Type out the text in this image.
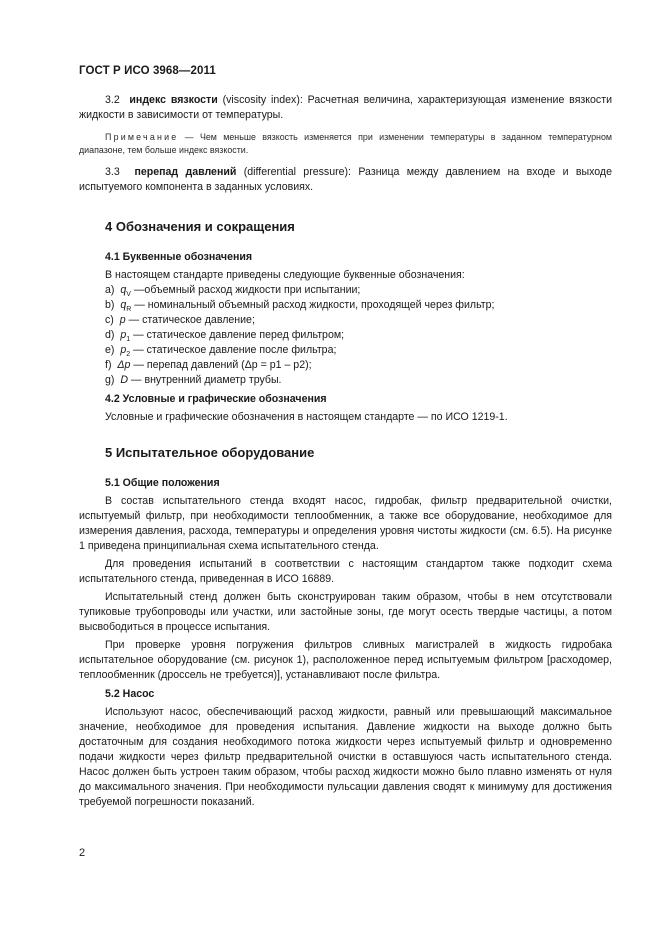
ГОСТ Р ИСО 3968—2011

3.2 индекс вязкости (viscosity index): Расчетная величина, характеризующая изменение вязкости жидкости в зависимости от температуры.

Примечание — Чем меньше вязкость изменяется при изменении температуры в заданном температурном диапазоне, тем больше индекс вязкости.

3.3 перепад давлений (differential pressure): Разница между давлением на входе и выходе испытуемого компонента в заданных условиях.

4 Обозначения и сокращения
4.1 Буквенные обозначения

В настоящем стандарте приведены следующие буквенные обозначения:

a) $q_V$ —объемный расход жидкости при испытании;
b) $q_R$ — номинальный объемный расход жидкости, проходящей через фильтр;
c) p — статическое давление;
d) $p_1$ — статическое давление перед фильтром;
e) $p_2$ — статическое давление после фильтра;
f) Δp — перепад давлений (Δp = p1 – p2);
g) D — внутренний диаметр трубы.
4.2 Условные и графические обозначения

Условные и графические обозначения в настоящем стандарте — по ИСО 1219-1.

5 Испытательное оборудование
5.1 Общие положения

В состав испытательного стенда входят насос, гидробак, фильтр предварительной очистки, испытуемый фильтр, при необходимости теплообменник, а также все оборудование, необходимое для измерения давления, расхода, температуры и определения уровня чистоты жидкости (см. 6.5). На рисунке 1 приведена принципиальная схема испытательного стенда.

Для проведения испытаний в соответствии с настоящим стандартом также подходит схема испытательного стенда, приведенная в ИСО 16889.

Испытательный стенд должен быть сконструирован таким образом, чтобы в нем отсутствовали тупиковые трубопроводы или участки, или застойные зоны, где могут осесть твердые частицы, а потом высвободиться в процессе испытания.

При проверке уровня погружения фильтров сливных магистралей в жидкость гидробака испытательное оборудование (см. рисунок 1), расположенное перед испытуемым фильтром [расходомер, теплообменник (дроссель не требуется)], устанавливают после фильтра.

5.2 Насос

Используют насос, обеспечивающий расход жидкости, равный или превышающий максимальное значение, необходимое для проведения испытания. Давление жидкости на выходе должно быть достаточным для создания необходимого потока жидкости через испытуемый фильтр и одновременно подачи жидкости через фильтр предварительной очистки в оставшуюся часть испытательного стенда. Насос должен быть устроен таким образом, чтобы расход жидкости можно было плавно изменять от нуля до максимального значения. При необходимости пульсации давления сводят к минимуму для достижения требуемой погрешности показаний.

2
